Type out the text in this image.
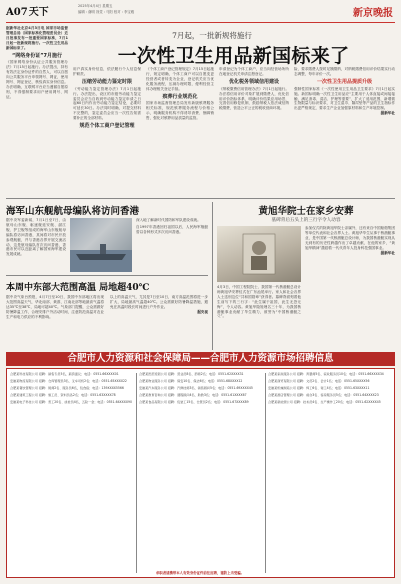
A07天下
2025年4月4日 星期五
编辑 : 谢明 视觉 : 马阳 校对 : 李宝雅	新京晚报
据新华社北京4月3日电 国家市场监督管理总局（国家标准化管理委员会）近日批准发布一批重要国家标准，7月1日起一批新规将施行。一次性卫生用品新国标来了。
“网络身份证”7月施行
《国家网络身份认证公共服务管理办法》7月15日起施行。办法提出，持有有效法定身份证件的自然人，可以自愿向公共服务平台申领网号、网证，使用网号、网证登记、核验真实身份信息。办法明确，互联网平台应当遵循自愿原则，不得强制要求用户使用网号、网证。
7月起，一批新规将施行
一次性卫生用品新国标来了
用户真实身份信息，依法履行个人信息保护职责。
压缩劳动能力鉴定时限
《劳动能力鉴定管理办法》7月1日起施行。办法提出，设区的市级劳动能力鉴定委员会应当自收到劳动能力鉴定申请之日起60日内作出劳动能力鉴定结论，必要时可延长30日。办法同时明确，对提交材料不完整的，鉴定委员会应当一次性告知需要补正的全部材料。
规范个体工商户登记管理
《个体工商户登记管理规定》7月15日起施行，规定明确，个体工商户可以自愿变更经营者或者转变为企业，登记机关应当优化服务流程，压减办理时限，便利经营主体办理相关登记手续。
殡葬行业规范化
国家市场监督管理总局发布新版殡葬服务相关标准，规范殡葬服务流程与价格公示，明确服务机构不得诱导消费、捆绑销售，强化对殡葬用品质量的监管。
申请登记为个体工商户，应当向经营场所所在地登记机关申请注册登记。
优化税务领域信用建设
《纳税缴费信用管理办法》7月1日起施行。办法将信用评价对象扩展到缴费人，优化信用评价指标体系，明确评价结果应用场景，完善信用修复机制，鼓励纳税人依法诚信纳税缴费，营造公平公正的税收营商环境。
险，要求缴费人按时足额缴纳，对纳税缴费信用评价结果实行动态调整，每年评价一次。
一次性卫生用品提质升级
强制性国家标准《一次性使用卫生用品卫生要求》7月1日起实施。新国标明确一次性卫生用品应“主要用于人体直接或间接接触，满足消毒、清洁、护理等需要”，扩大了适用范围，新增微生物限量与标识要求，对卫生湿巾、隔尿垫等产品的卫生指标作出更严格规定，要求生产企业加强原材料和生产环境控制。
据新华社
海军山东舰航母编队将访问香港
据中央军委新闻，7月1日至7日，由航母山东舰、驱逐舰延安舰、湛江舰、护卫舰等组成的海军山东舰航母编队将访问香港，其间将对市民开放参观舰艇，并与香港各界开展交流活动，这是航母编队首次访问香港，香港市民可以近距离了解国家海军建设发展成就。
深入地了解新时代国防和军队建设成就。
自1997年香港回归祖国以后，人民海军舰艇曾以各种形式多次访问香港。
本周中东部大范围高温 局地超40℃
据中央气象台预报，4月7日至10日，我国中东部地区将出现大范围高温天气，华北南部、黄淮、江南北部等地最高气温将达35℃至38℃，局地可超40℃。气象部门提醒，公众需做好防暑降温工作，合理安排户外活动时间，注意防范高温对农业生产和电力供应的不利影响。
以上的高温天气，尤其是7日至10日，南方高温范围将进一步扩大，局地最高气温超40℃。公众需做好防暑降温措施，避免在高温时段长时间进行户外作业。
据央视
黄旭华院士在家乡安葬
墓碑背后五头上的三行字令人动容
参加仪式的除黄旭华院士亲属外，还有来自中国船舶集团等单位代表和社会各界人士。黄旭华毕生从事于核潜艇事业，是中国第一代核潜艇总设计师，为我国核潜艇实现从无到有的历史性跨越作出了卓越贡献，在他的家乡，“黄旭华精神”激励着一代代青年人投身科技强国事业。
据新华社
4月3日，中国工程院院士、我国第一代核潜艇总设计师黄旭华安葬仪式在广东汕尾举行。家人和社会各界人士送别这位“共和国勋章”获得者。墓碑背面刻着他生前写下的三行字：“此生属于祖国，此生无怨无悔”，令人动容。黄旭华隐姓埋名三十年，为我国核潜艇事业贡献了毕生精力，被誉为“中国核潜艇之父”。
合肥市人力资源和社会保障局——合肥市人力资源市场招聘信息
合肥某科技有限公司 招聘：销售专员5名，薪资面议；电话：0551-66XXXX01
安徽某物流有限公司 招聘：仓库管理员3名、叉车司机2名；电话：0551-65XXXX22
合肥某餐饮管理公司 招聘：厨师2名、服务员6名，包食宿；电话：139XXXX5566
合肥某建筑工程公司 招聘：施工员、资料员各2名；电话：0551-63XXXX78
安徽某电子科技公司 招聘：普工20名、质检员4名，五险一金；电话：0551-64XXXX90
合肥某医药连锁公司 招聘：营业员8名、药师2名；电话：0551-62XXXX31
合肥某物业服务公司 招聘：保安10名、保洁6名；电话：0551-68XXXX12
安徽某汽车服务公司 招聘：汽修技师3名、销售顾问5名；电话：0551-69XXXX45
合肥某教育咨询公司 招聘：课程顾问4名、助教3名；电话：0551-61XXXX67
合肥某食品有限公司 招聘：包装工15名、仓管员2名；电话：0551-67XXXX89
合肥某家政服务公司 招聘：育婴师5名、家政服务员10名；电话：0551-66XXXX34
合肥某商贸有限公司 招聘：文员2名、会计1名；电话：0551-65XXXX56
安徽某机械制造公司 招聘：焊工6名、钳工4名；电话：0551-63XXXX11
合肥某酒店管理公司 招聘：前台3名、客房服务员5名；电话：0551-64XXXX23
合肥某新能源公司 招聘：技术员4名、生产操作工20名；电话：0551-62XXXX45
求职者请携带本人有效身份证件前往应聘，谨防上当受骗。
